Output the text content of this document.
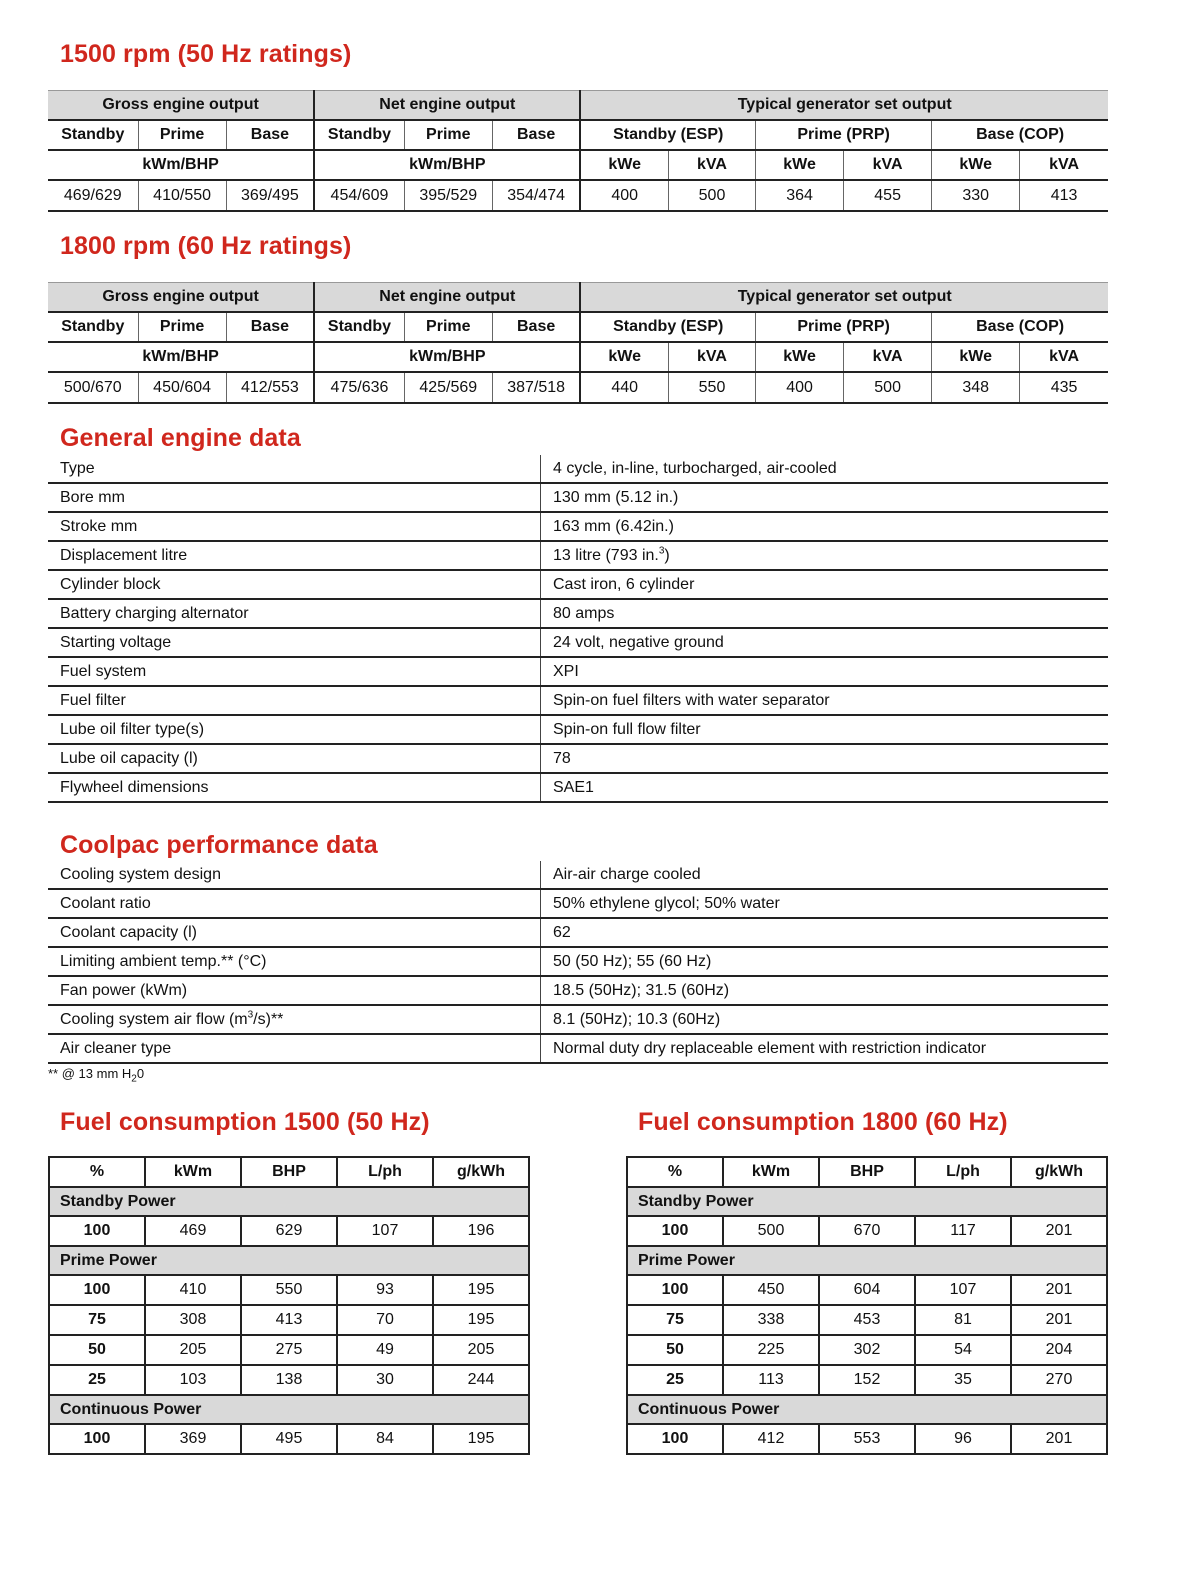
1500 rpm (50 Hz ratings)
Gross engine output			Net engine output			Typical generator set output					
Standby	Prime	Base	Standby	Prime	Base	Standby (ESP)		Prime (PRP)		Base (COP)	
kWm/BHP			kWm/BHP			kWe	kVA	kWe	kVA	kWe	kVA
469/629	410/550	369/495	454/609	395/529	354/474	400	500	364	455	330	413
1800 rpm (60 Hz ratings)
Gross engine output			Net engine output			Typical generator set output					
Standby	Prime	Base	Standby	Prime	Base	Standby (ESP)		Prime (PRP)		Base (COP)	
kWm/BHP			kWm/BHP			kWe	kVA	kWe	kVA	kWe	kVA
500/670	450/604	412/553	475/636	425/569	387/518	440	550	400	500	348	435
General engine data
Type	4 cycle, in-line, turbocharged, air-cooled
Bore mm	130 mm (5.12 in.)
Stroke mm	163 mm (6.42in.)
Displacement litre	13 litre (793 in.$^3$)
Cylinder block	Cast iron, 6 cylinder
Battery charging alternator	80 amps
Starting voltage	24 volt, negative ground
Fuel system	XPI
Fuel filter	Spin-on fuel filters with water separator
Lube oil filter type(s)	Spin-on full flow filter
Lube oil capacity (l)	78
Flywheel dimensions	SAE1
Coolpac performance data
Cooling system design	Air-air charge cooled
Coolant ratio	50% ethylene glycol; 50% water
Coolant capacity (l)	62
Limiting ambient temp.** (°C)	50 (50 Hz); 55 (60 Hz)
Fan power (kWm)	18.5 (50Hz); 31.5 (60Hz)
Cooling system air flow $(m^3/s)**$	8.1 (50Hz); 10.3 (60Hz)
Air cleaner type	Normal duty dry replaceable element with restriction indicator
** @ 13 mm $H_20$
Fuel consumption 1500 (50 Hz)
%	kWm	BHP	L/ph	g/kWh
Standby Power				
100	469	629	107	196
Prime Power				
100	410	550	93	195
75	308	413	70	195
50	205	275	49	205
25	103	138	30	244
Continuous Power				
100	369	495	84	195
Fuel consumption 1800 (60 Hz)
%	kWm	BHP	L/ph	g/kWh
Standby Power				
100	500	670	117	201
Prime Power				
100	450	604	107	201
75	338	453	81	201
50	225	302	54	204
25	113	152	35	270
Continuous Power				
100	412	553	96	201
